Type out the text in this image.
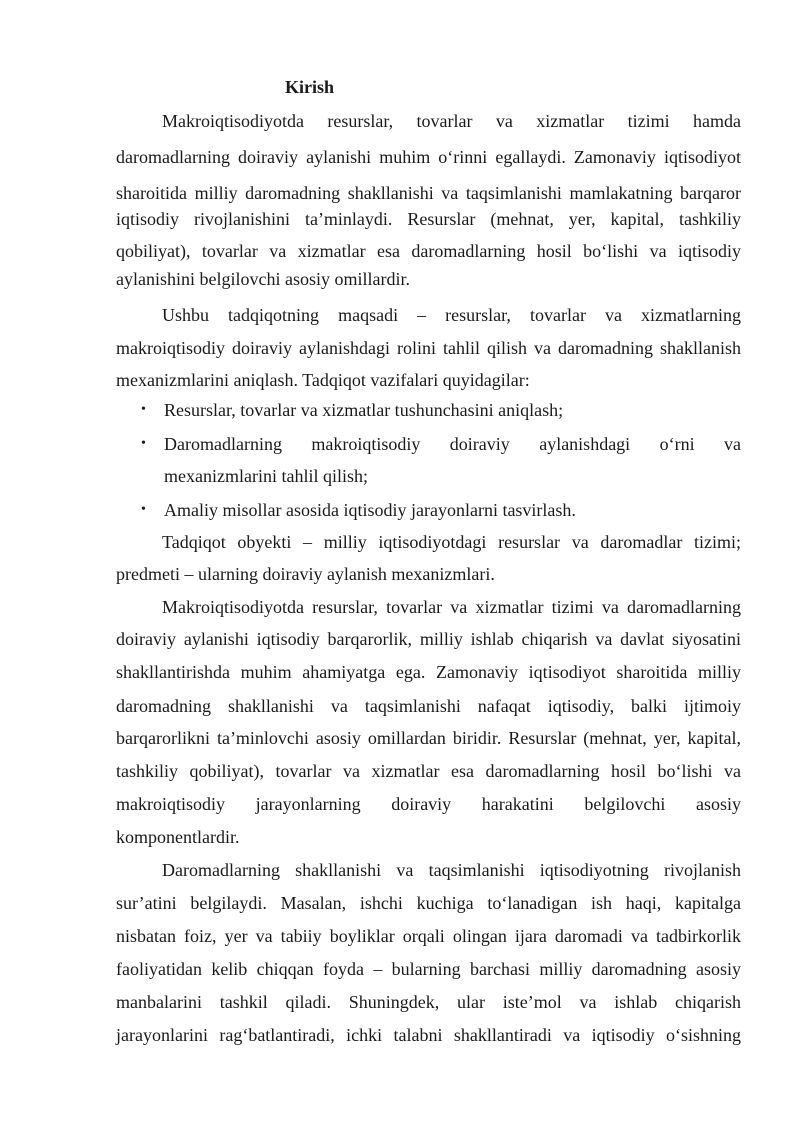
Kirish
Makroiqtisodiyotda resurslar, tovarlar va xizmatlar tizimi hamda
daromadlarning doiraviy aylanishi muhim o‘rinni egallaydi. Zamonaviy iqtisodiyot
sharoitida milliy daromadning shakllanishi va taqsimlanishi mamlakatning barqaror
iqtisodiy rivojlanishini ta’minlaydi. Resurslar (mehnat, yer, kapital, tashkiliy
qobiliyat), tovarlar va xizmatlar esa daromadlarning hosil bo‘lishi va iqtisodiy
aylanishini belgilovchi asosiy omillardir.
Ushbu tadqiqotning maqsadi – resurslar, tovarlar va xizmatlarning
makroiqtisodiy doiraviy aylanishdagi rolini tahlil qilish va daromadning shakllanish
mexanizmlarini aniqlash. Tadqiqot vazifalari quyidagilar:
• Resurslar, tovarlar va xizmatlar tushunchasini aniqlash;
• Daromadlarning makroiqtisodiy doiraviy aylanishdagi o‘rni va
mexanizmlarini tahlil qilish;
• Amaliy misollar asosida iqtisodiy jarayonlarni tasvirlash.
Tadqiqot obyekti – milliy iqtisodiyotdagi resurslar va daromadlar tizimi;
predmeti – ularning doiraviy aylanish mexanizmlari.
Makroiqtisodiyotda resurslar, tovarlar va xizmatlar tizimi va daromadlarning
doiraviy aylanishi iqtisodiy barqarorlik, milliy ishlab chiqarish va davlat siyosatini
shakllantirishda muhim ahamiyatga ega. Zamonaviy iqtisodiyot sharoitida milliy
daromadning shakllanishi va taqsimlanishi nafaqat iqtisodiy, balki ijtimoiy
barqarorlikni ta’minlovchi asosiy omillardan biridir. Resurslar (mehnat, yer, kapital,
tashkiliy qobiliyat), tovarlar va xizmatlar esa daromadlarning hosil bo‘lishi va
makroiqtisodiy jarayonlarning doiraviy harakatini belgilovchi asosiy
komponentlardir.
Daromadlarning shakllanishi va taqsimlanishi iqtisodiyotning rivojlanish
sur’atini belgilaydi. Masalan, ishchi kuchiga to‘lanadigan ish haqi, kapitalga
nisbatan foiz, yer va tabiiy boyliklar orqali olingan ijara daromadi va tadbirkorlik
faoliyatidan kelib chiqqan foyda – bularning barchasi milliy daromadning asosiy
manbalarini tashkil qiladi. Shuningdek, ular iste’mol va ishlab chiqarish
jarayonlarini rag‘batlantiradi, ichki talabni shakllantiradi va iqtisodiy o‘sishning
